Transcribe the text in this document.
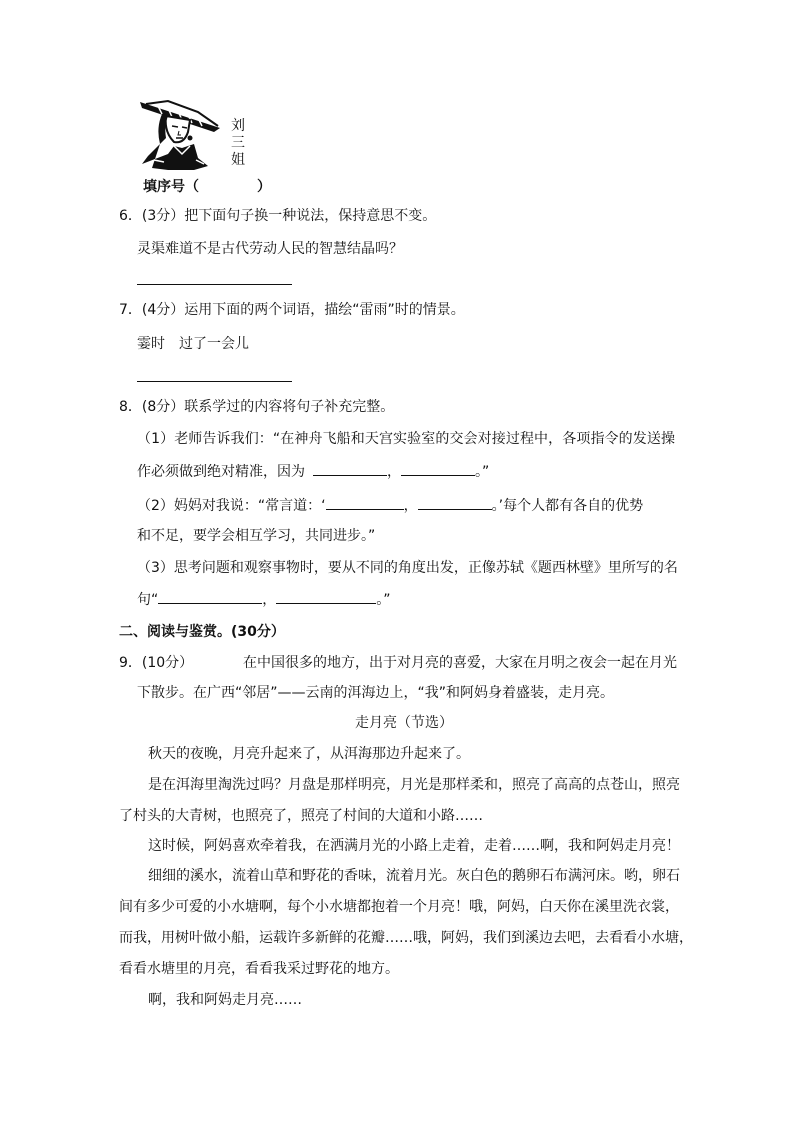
刘
三
姐
填序号（	）
6．(3分）把下面句子换一种说法，保持意思不变。
灵渠难道不是古代劳动人民的智慧结晶吗？
7．(4分）运用下面的两个词语，描绘“雷雨”时的情景。
霎时　过了一会儿
8．(8分）联系学过的内容将句子补充完整。
（1）老师告诉我们：“在神舟飞船和天宫实验室的交会对接过程中，各项指令的发送操
作必须做到绝对精准，因为	，	。”
（2）妈妈对我说：“常言道：‘	，	。’每个人都有各自的优势
和不足，要学会相互学习，共同进步。”
（3）思考问题和观察事物时，要从不同的角度出发，正像苏轼《题西林壁》里所写的名
句“	，	。”
二、阅读与鉴赏。(30分）
9．(10分）	在中国很多的地方，出于对月亮的喜爱，大家在月明之夜会一起在月光
下散步。在广西“邻居”——云南的洱海边上，“我”和阿妈身着盛装，走月亮。
走月亮（节选）
秋天的夜晚，月亮升起来了，从洱海那边升起来了。
是在洱海里淘洗过吗？月盘是那样明亮，月光是那样柔和，照亮了高高的点苍山，照亮
了村头的大青树，也照亮了，照亮了村间的大道和小路……
这时候，阿妈喜欢牵着我，在洒满月光的小路上走着，走着……啊，我和阿妈走月亮！
细细的溪水，流着山草和野花的香味，流着月光。灰白色的鹅卵石布满河床。哟，卵石
间有多少可爱的小水塘啊，每个小水塘都抱着一个月亮！哦，阿妈，白天你在溪里洗衣裳，
而我，用树叶做小船，运载许多新鲜的花瓣……哦，阿妈，我们到溪边去吧，去看看小水塘，
看看水塘里的月亮，看看我采过野花的地方。
啊，我和阿妈走月亮……
